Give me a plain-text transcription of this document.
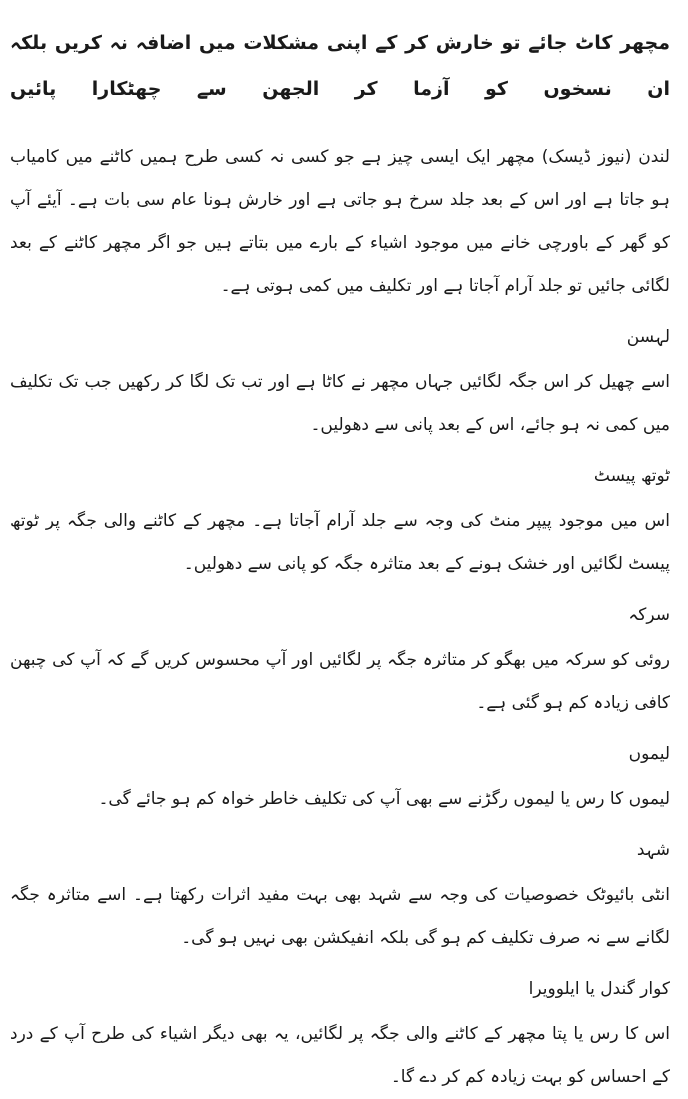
مچھر کاٹ جائے تو خارش کر کے اپنی مشکلات میں اضافہ نہ کریں بلکہ ان نسخوں کو آزما کر الجھن سے چھٹکارا پائیں

لندن (نیوز ڈیسک) مچھر ایک ایسی چیز ہے جو کسی نہ کسی طرح ہمیں کاٹنے میں کامیاب ہو جاتا ہے اور اس کے بعد جلد سرخ ہو جاتی ہے اور خارش ہونا عام سی بات ہے۔ آیئے آپ کو گھر کے باورچی خانے میں موجود اشیاء کے بارے میں بتاتے ہیں جو اگر مچھر کاٹنے کے بعد لگائی جائیں تو جلد آرام آجاتا ہے اور تکلیف میں کمی ہوتی ہے۔

لہسن

اسے چھیل کر اس جگہ لگائیں جہاں مچھر نے کاٹا ہے اور تب تک لگا کر رکھیں جب تک تکلیف میں کمی نہ ہو جائے، اس کے بعد پانی سے دھولیں۔

ٹوتھ پیسٹ

اس میں موجود پیپر منٹ کی وجہ سے جلد آرام آجاتا ہے۔ مچھر کے کاٹنے والی جگہ پر ٹوتھ پیسٹ لگائیں اور خشک ہونے کے بعد متاثرہ جگہ کو پانی سے دھولیں۔

سرکہ

روئی کو سرکہ میں بھگو کر متاثرہ جگہ پر لگائیں اور آپ محسوس کریں گے کہ آپ کی چبھن کافی زیادہ کم ہو گئی ہے۔

لیموں

لیموں کا رس یا لیموں رگڑنے سے بھی آپ کی تکلیف خاطر خواہ کم ہو جائے گی۔

شہد

انٹی بائیوٹک خصوصیات کی وجہ سے شہد بھی بہت مفید اثرات رکھتا ہے۔ اسے متاثرہ جگہ لگانے سے نہ صرف تکلیف کم ہو گی بلکہ انفیکشن بھی نہیں ہو گی۔

کوار گندل یا ایلوویرا

اس کا رس یا پتا مچھر کے کاٹنے والی جگہ پر لگائیں، یہ بھی دیگر اشیاء کی طرح آپ کے درد کے احساس کو بہت زیادہ کم کر دے گا۔
